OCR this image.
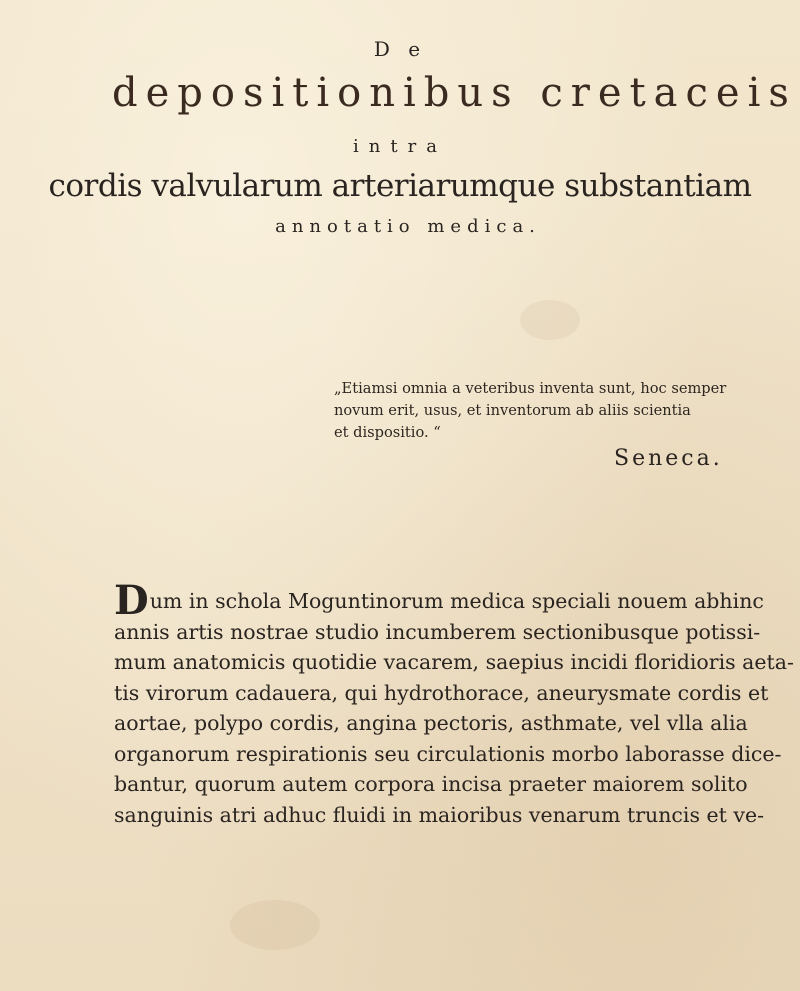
D e
depositionibus cretaceis
intra
cordis valvularum arteriarumque substantiam
annotatio medica.
„Etiamsi omnia a veteribus inventa sunt, hoc semper
novum erit, usus, et inventorum ab aliis scientia
et dispositio. “
Seneca.
Dum in schola Moguntinorum medica speciali nouem abhinc
annis artis nostrae studio incumberem sectionibusque potissi-
mum anatomicis quotidie vacarem, saepius incidi floridioris aeta-
tis virorum cadauera, qui hydrothorace, aneurysmate cordis et
aortae, polypo cordis, angina pectoris, asthmate, vel vlla alia
organorum respirationis seu circulationis morbo laborasse dice-
bantur, quorum autem corpora incisa praeter maiorem solito
sanguinis atri adhuc fluidi in maioribus venarum truncis et ve-
